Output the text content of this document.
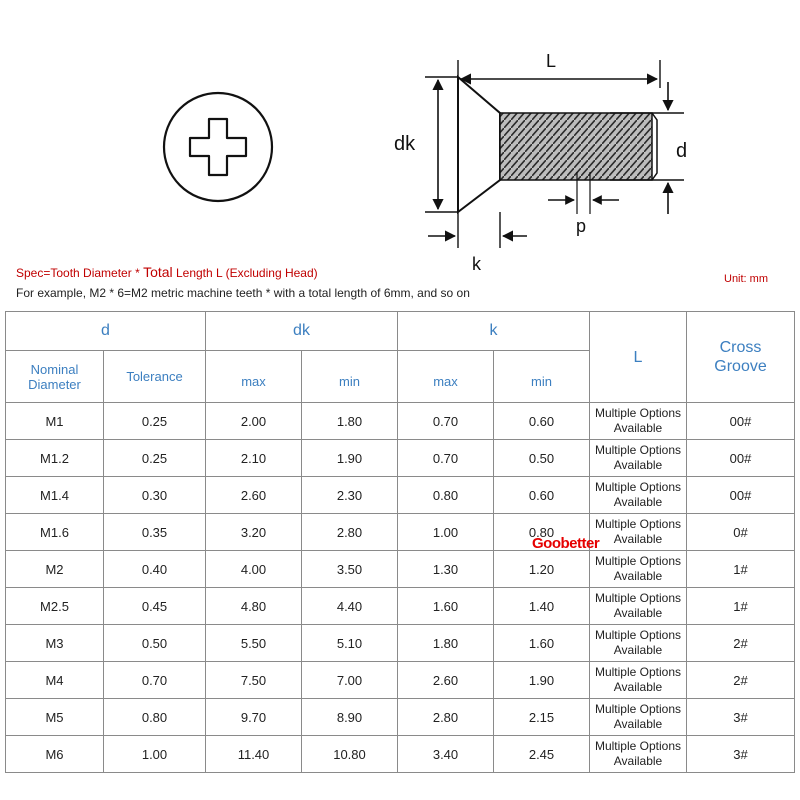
L
dk	d
p
k
Spec=Tooth Diameter * Total Length L (Excluding Head)
For example, M2 * 6=M2 metric machine teeth * with a total length of 6mm, and so on
Unit: mm
d		dk		k		L	Cross
Groove
Nominal
Diameter	Tolerance	max	min	max	min		
M1	0.25	2.00	1.80	0.70	0.60	Multiple Options
Available	00#
M1.2	0.25	2.10	1.90	0.70	0.50	Multiple Options
Available	00#
M1.4	0.30	2.60	2.30	0.80	0.60	Multiple Options
Available	00#
M1.6	0.35	3.20	2.80	1.00	0.80	Multiple Options
Available	0#
M2	0.40	4.00	3.50	1.30	1.20	Multiple Options
Available	1#
M2.5	0.45	4.80	4.40	1.60	1.40	Multiple Options
Available	1#
M3	0.50	5.50	5.10	1.80	1.60	Multiple Options
Available	2#
M4	0.70	7.50	7.00	2.60	1.90	Multiple Options
Available	2#
M5	0.80	9.70	8.90	2.80	2.15	Multiple Options
Available	3#
M6	1.00	11.40	10.80	3.40	2.45	Multiple Options
Available	3#
Goobetter
